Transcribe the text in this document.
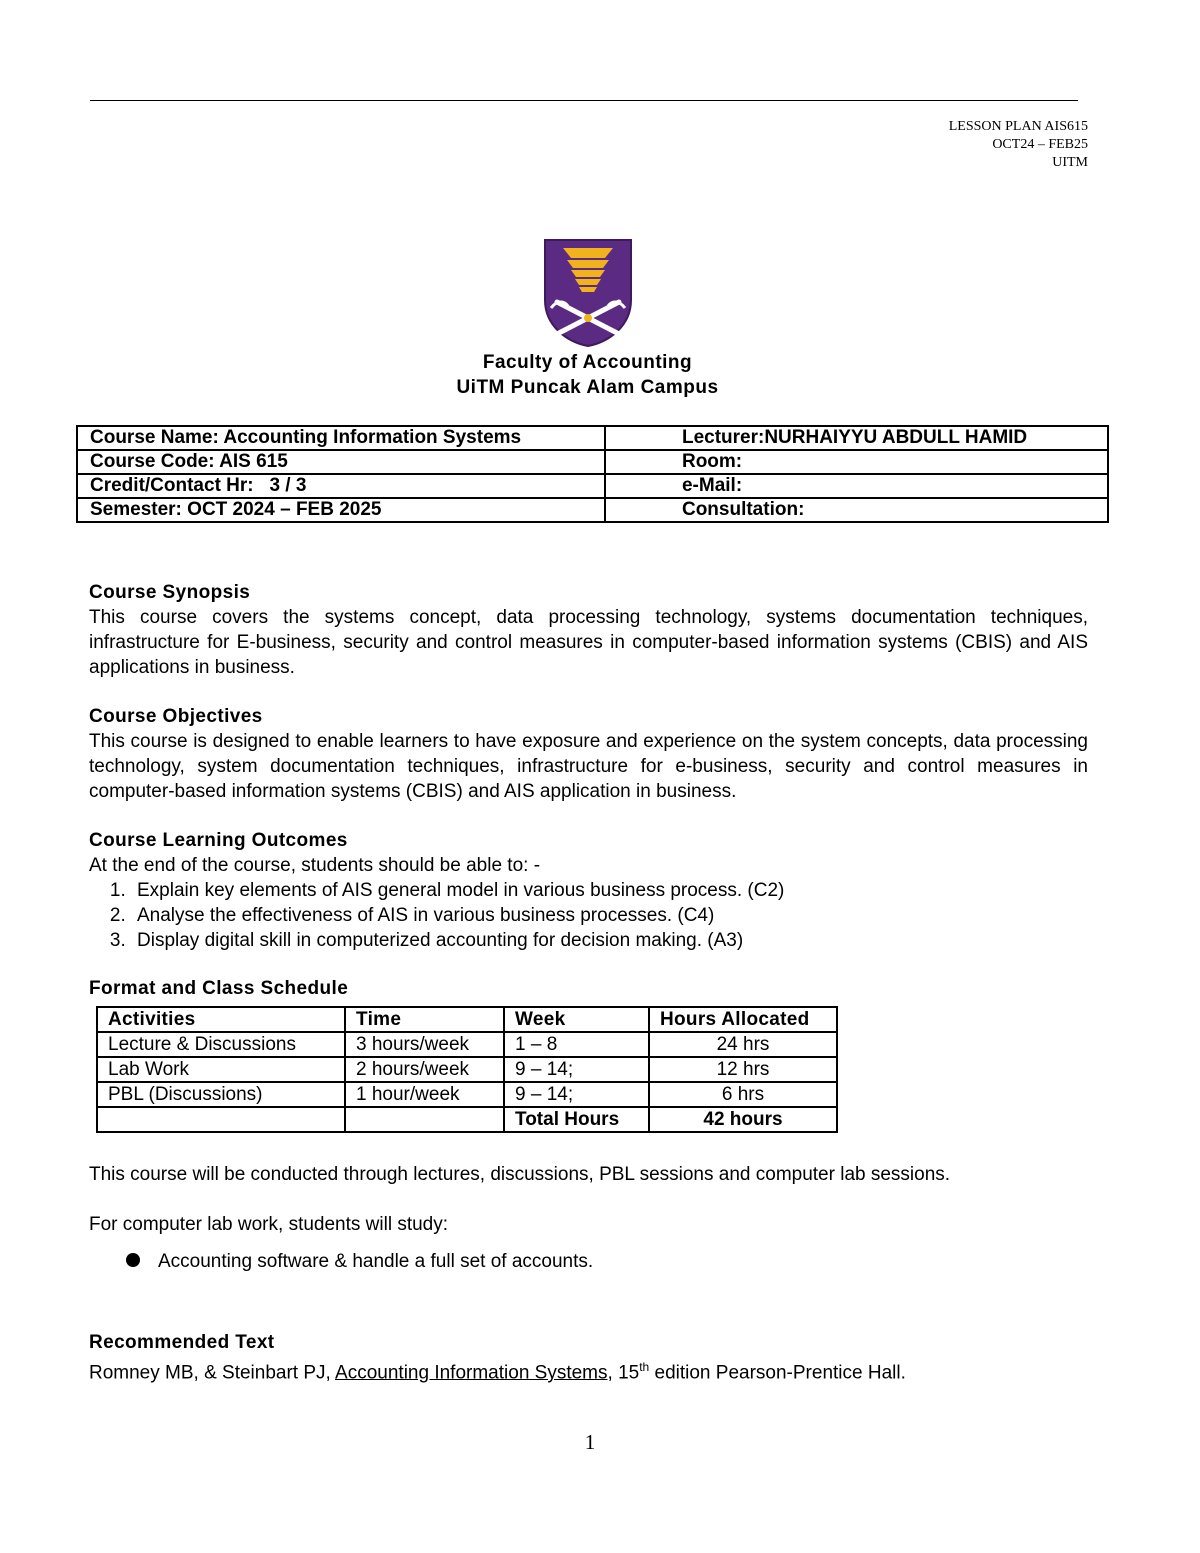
LESSON PLAN AIS615
OCT24 – FEB25
UITM
Faculty of Accounting
UiTM Puncak Alam Campus
Course Name: Accounting Information Systems	Lecturer:NURHAIYYU ABDULL HAMID
Course Code: AIS 615	Room:
Credit/Contact Hr:   3 / 3	e-Mail:
Semester: OCT 2024 – FEB 2025	Consultation:
Course Synopsis
This course covers the systems concept, data processing technology, systems documentation techniques, infrastructure for E-business, security and control measures in computer-based information systems (CBIS) and AIS applications in business.
Course Objectives
This course is designed to enable learners to have exposure and experience on the system concepts, data processing technology, system documentation techniques, infrastructure for e-business, security and control measures in computer-based information systems (CBIS) and AIS application in business.
Course Learning Outcomes
At the end of the course, students should be able to: -
1. Explain key elements of AIS general model in various business process. (C2)
2. Analyse the effectiveness of AIS in various business processes. (C4)
3. Display digital skill in computerized accounting for decision making. (A3)
Format and Class Schedule
Activities	Time	Week	Hours Allocated
Lecture & Discussions	3 hours/week	1 – 8	24 hrs
Lab Work	2 hours/week	9 – 14;	12 hrs
PBL (Discussions)	1 hour/week	9 – 14;	6 hrs
		Total Hours	42 hours
This course will be conducted through lectures, discussions, PBL sessions and computer lab sessions.
For computer lab work, students will study:
Accounting software & handle a full set of accounts.
Recommended Text
Romney MB, & Steinbart PJ, Accounting Information Systems, 15th edition Pearson-Prentice Hall.
1
